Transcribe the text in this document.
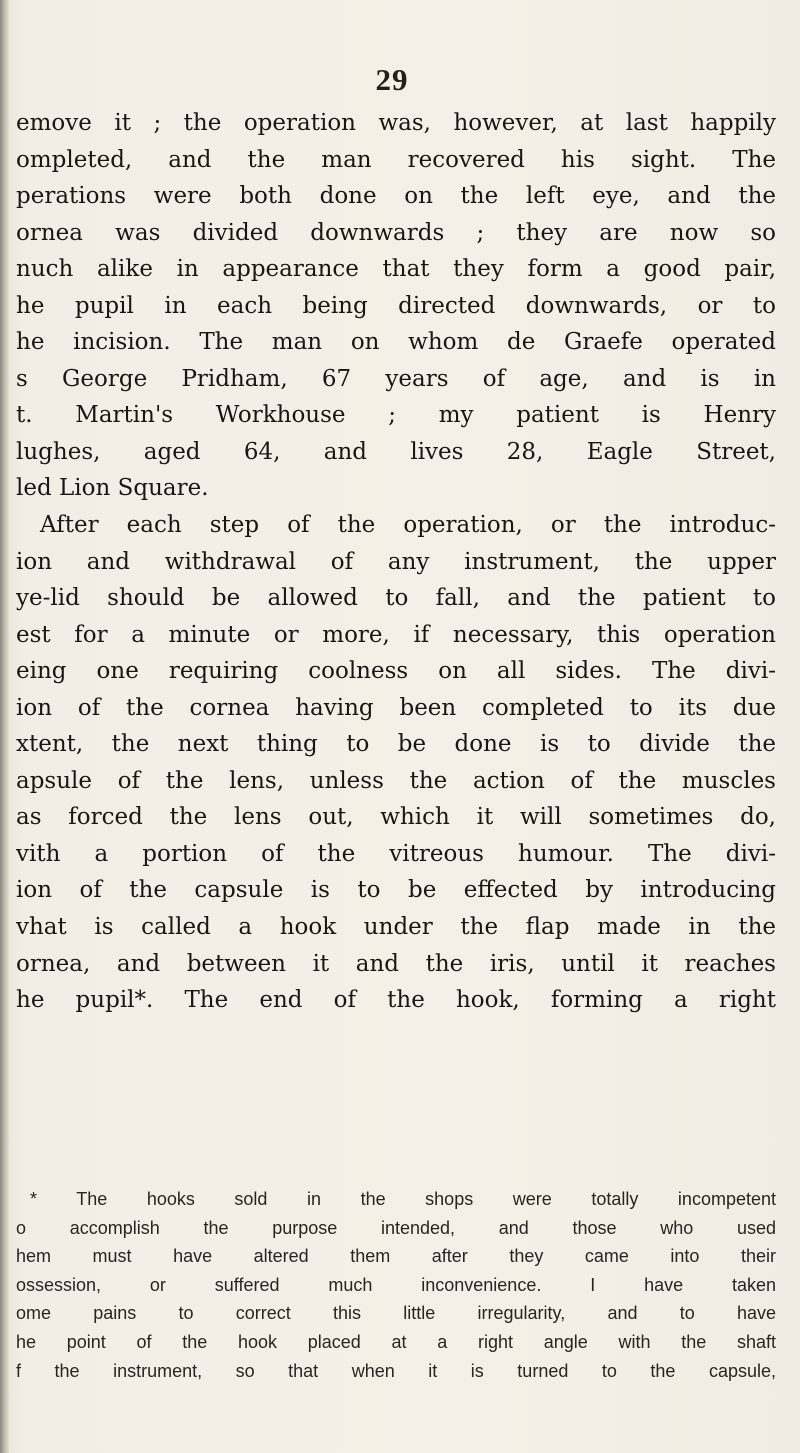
29
emove it ; the operation was, however, at last happily
ompleted, and the man recovered his sight. The
perations were both done on the left eye, and the
ornea was divided downwards ; they are now so
nuch alike in appearance that they form a good pair,
he pupil in each being directed downwards, or to
he incision. The man on whom de Graefe operated
s George Pridham, 67 years of age, and is in
t. Martin's Workhouse ; my patient is Henry
lughes, aged 64, and lives 28, Eagle Street,
led Lion Square.
After each step of the operation, or the introduc-
ion and withdrawal of any instrument, the upper
ye-lid should be allowed to fall, and the patient to
est for a minute or more, if necessary, this operation
eing one requiring coolness on all sides. The divi-
ion of the cornea having been completed to its due
xtent, the next thing to be done is to divide the
apsule of the lens, unless the action of the muscles
as forced the lens out, which it will sometimes do,
vith a portion of the vitreous humour. The divi-
ion of the capsule is to be effected by introducing
vhat is called a hook under the flap made in the
ornea, and between it and the iris, until it reaches
he pupil*. The end of the hook, forming a right
* The hooks sold in the shops were totally incompetent
o accomplish the purpose intended, and those who used
hem must have altered them after they came into their
ossession, or suffered much inconvenience. I have taken
ome pains to correct this little irregularity, and to have
he point of the hook placed at a right angle with the shaft
f the instrument, so that when it is turned to the capsule,
